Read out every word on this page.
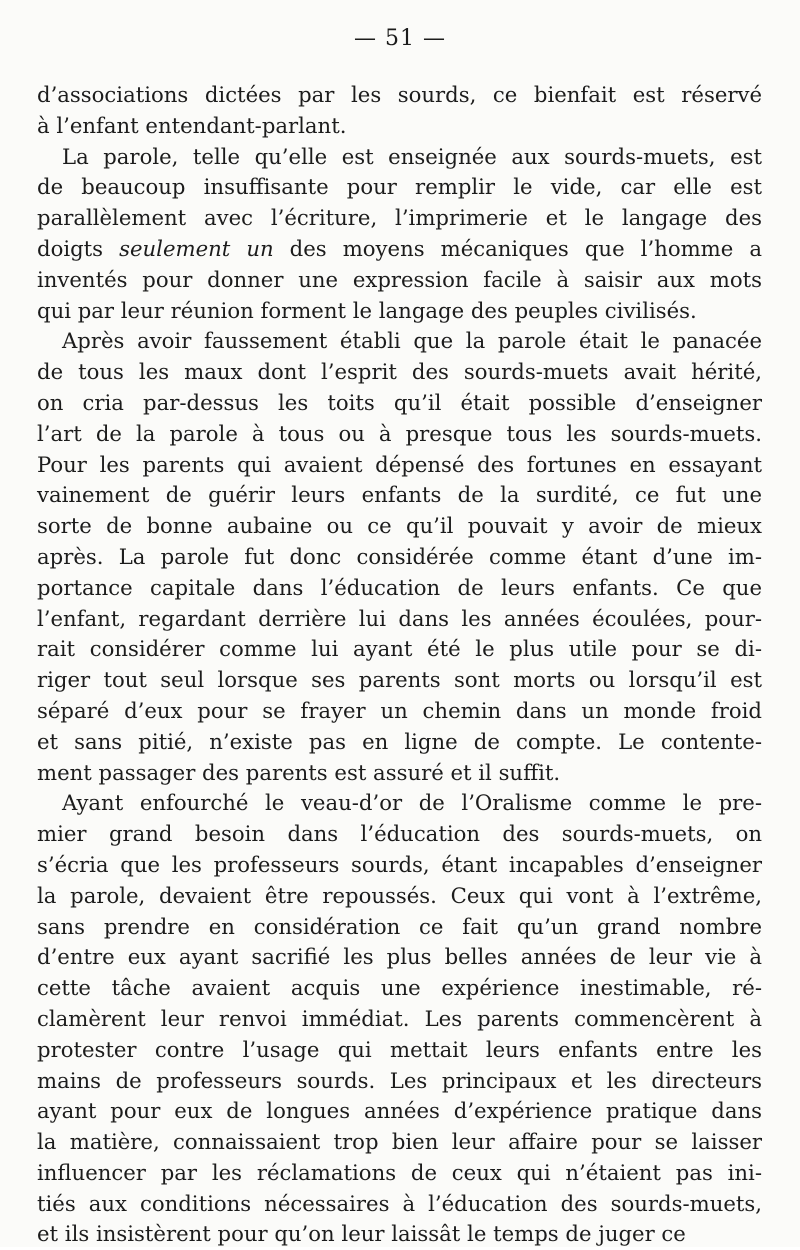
— 51 —
d’associations dictées par les sourds, ce bienfait est réservé
à l’enfant entendant-parlant.
La parole, telle qu’elle est enseignée aux sourds-muets, est
de beaucoup insuffisante pour remplir le vide, car elle est
parallèlement avec l’écriture, l’imprimerie et le langage des
doigts seulement un des moyens mécaniques que l’homme a
inventés pour donner une expression facile à saisir aux mots
qui par leur réunion forment le langage des peuples civilisés.
Après avoir faussement établi que la parole était le panacée
de tous les maux dont l’esprit des sourds-muets avait hérité,
on cria par-dessus les toits qu’il était possible d’enseigner
l’art de la parole à tous ou à presque tous les sourds-muets.
Pour les parents qui avaient dépensé des fortunes en essayant
vainement de guérir leurs enfants de la surdité, ce fut une
sorte de bonne aubaine ou ce qu’il pouvait y avoir de mieux
après. La parole fut donc considérée comme étant d’une im-
portance capitale dans l’éducation de leurs enfants. Ce que
l’enfant, regardant derrière lui dans les années écoulées, pour-
rait considérer comme lui ayant été le plus utile pour se di-
riger tout seul lorsque ses parents sont morts ou lorsqu’il est
séparé d’eux pour se frayer un chemin dans un monde froid
et sans pitié, n’existe pas en ligne de compte. Le contente-
ment passager des parents est assuré et il suffit.
Ayant enfourché le veau-d’or de l’Oralisme comme le pre-
mier grand besoin dans l’éducation des sourds-muets, on
s’écria que les professeurs sourds, étant incapables d’enseigner
la parole, devaient être repoussés. Ceux qui vont à l’extrême,
sans prendre en considération ce fait qu’un grand nombre
d’entre eux ayant sacrifié les plus belles années de leur vie à
cette tâche avaient acquis une expérience inestimable, ré-
clamèrent leur renvoi immédiat. Les parents commencèrent à
protester contre l’usage qui mettait leurs enfants entre les
mains de professeurs sourds. Les principaux et les directeurs
ayant pour eux de longues années d’expérience pratique dans
la matière, connaissaient trop bien leur affaire pour se laisser
influencer par les réclamations de ceux qui n’étaient pas ini-
tiés aux conditions nécessaires à l’éducation des sourds-muets,
et ils insistèrent pour qu’on leur laissât le temps de juger ce
